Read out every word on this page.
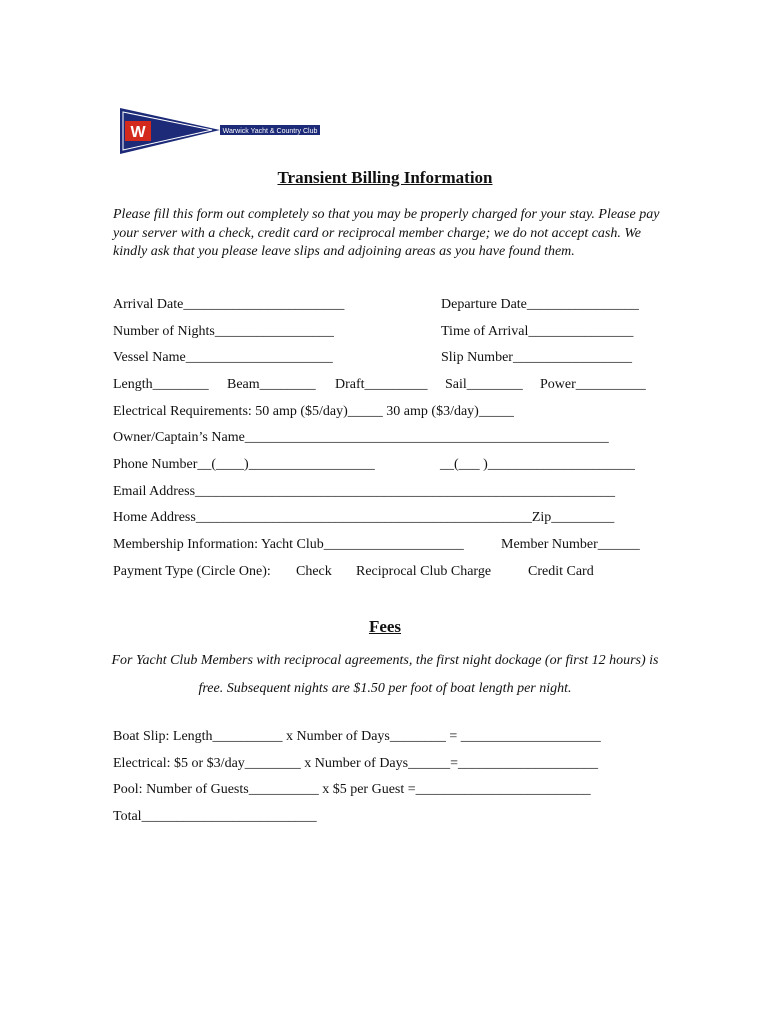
W	Warwick Yacht & Country Club
Transient Billing Information

Please fill this form out completely so that you may be properly charged for your stay. Please pay your server with a check, credit card or reciprocal member charge; we do not accept cash. We kindly ask that you please leave slips and adjoining areas as you have found them.

Arrival Date_______________________	Departure Date________________
Number of Nights_________________	Time of Arrival_______________
Vessel Name_____________________	Slip Number_________________
Length________ Beam________ Draft_________ Sail________ Power__________
Electrical Requirements: 50 amp ($5/day)_____ 30 amp ($3/day)_____
Owner/Captain’s Name____________________________________________________
Phone Number__(____)__________________	__(___ )_____________________
Email Address____________________________________________________________
Home Address________________________________________________Zip_________
Membership Information: Yacht Club____________________	Member Number______
Payment Type (Circle One): Check Reciprocal Club Charge	Credit Card
Fees

For Yacht Club Members with reciprocal agreements, the first night dockage (or first 12 hours) is free. Subsequent nights are $1.50 per foot of boat length per night.

Boat Slip: Length__________ x Number of Days________ = ____________________
Electrical: $5 or $3/day________ x Number of Days______=____________________
Pool: Number of Guests__________ x $5 per Guest =_________________________
Total_________________________
